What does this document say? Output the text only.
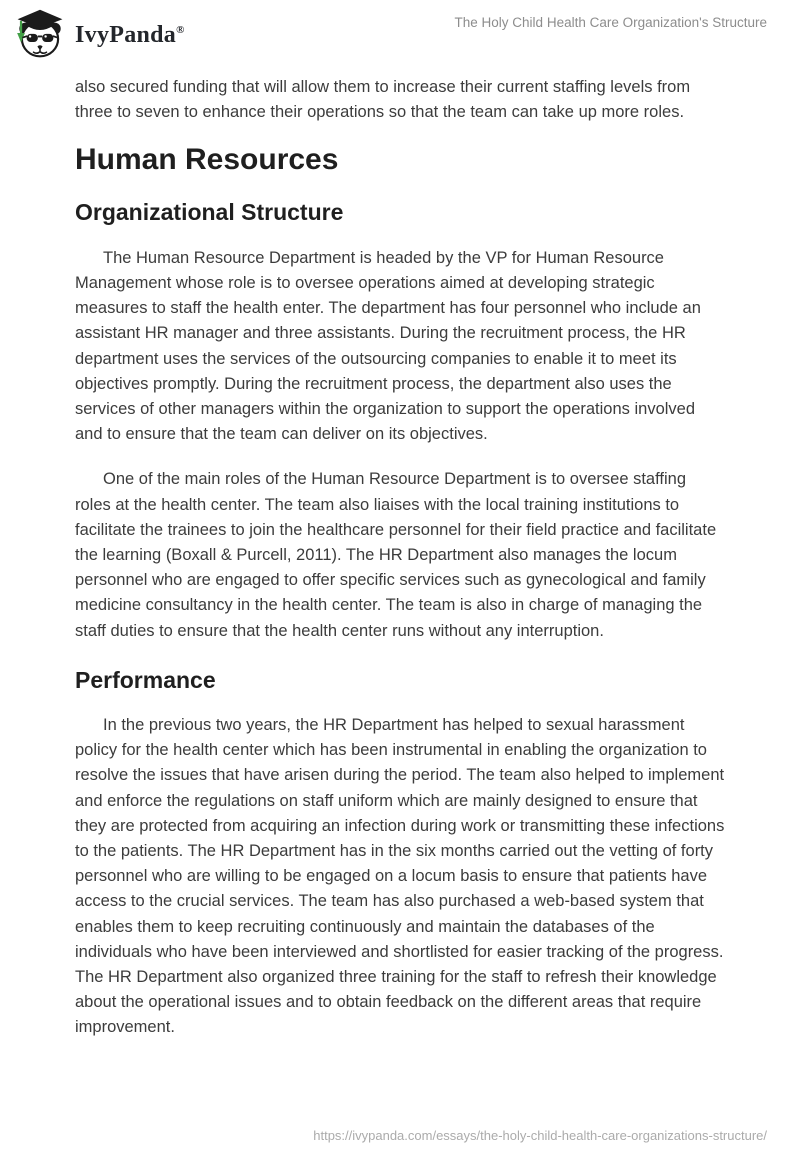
IvyPanda®	The Holy Child Health Care Organization's Structure

also secured funding that will allow them to increase their current staffing levels from three to seven to enhance their operations so that the team can take up more roles.

Human Resources
Organizational Structure

The Human Resource Department is headed by the VP for Human Resource Management whose role is to oversee operations aimed at developing strategic measures to staff the health enter. The department has four personnel who include an assistant HR manager and three assistants. During the recruitment process, the HR department uses the services of the outsourcing companies to enable it to meet its objectives promptly. During the recruitment process, the department also uses the services of other managers within the organization to support the operations involved and to ensure that the team can deliver on its objectives.

One of the main roles of the Human Resource Department is to oversee staffing roles at the health center. The team also liaises with the local training institutions to facilitate the trainees to join the healthcare personnel for their field practice and facilitate the learning (Boxall & Purcell, 2011). The HR Department also manages the locum personnel who are engaged to offer specific services such as gynecological and family medicine consultancy in the health center. The team is also in charge of managing the staff duties to ensure that the health center runs without any interruption.

Performance

In the previous two years, the HR Department has helped to sexual harassment policy for the health center which has been instrumental in enabling the organization to resolve the issues that have arisen during the period. The team also helped to implement and enforce the regulations on staff uniform which are mainly designed to ensure that they are protected from acquiring an infection during work or transmitting these infections to the patients. The HR Department has in the six months carried out the vetting of forty personnel who are willing to be engaged on a locum basis to ensure that patients have access to the crucial services. The team has also purchased a web-based system that enables them to keep recruiting continuously and maintain the databases of the individuals who have been interviewed and shortlisted for easier tracking of the progress. The HR Department also organized three training for the staff to refresh their knowledge about the operational issues and to obtain feedback on the different areas that require improvement.

https://ivypanda.com/essays/the-holy-child-health-care-organizations-structure/
